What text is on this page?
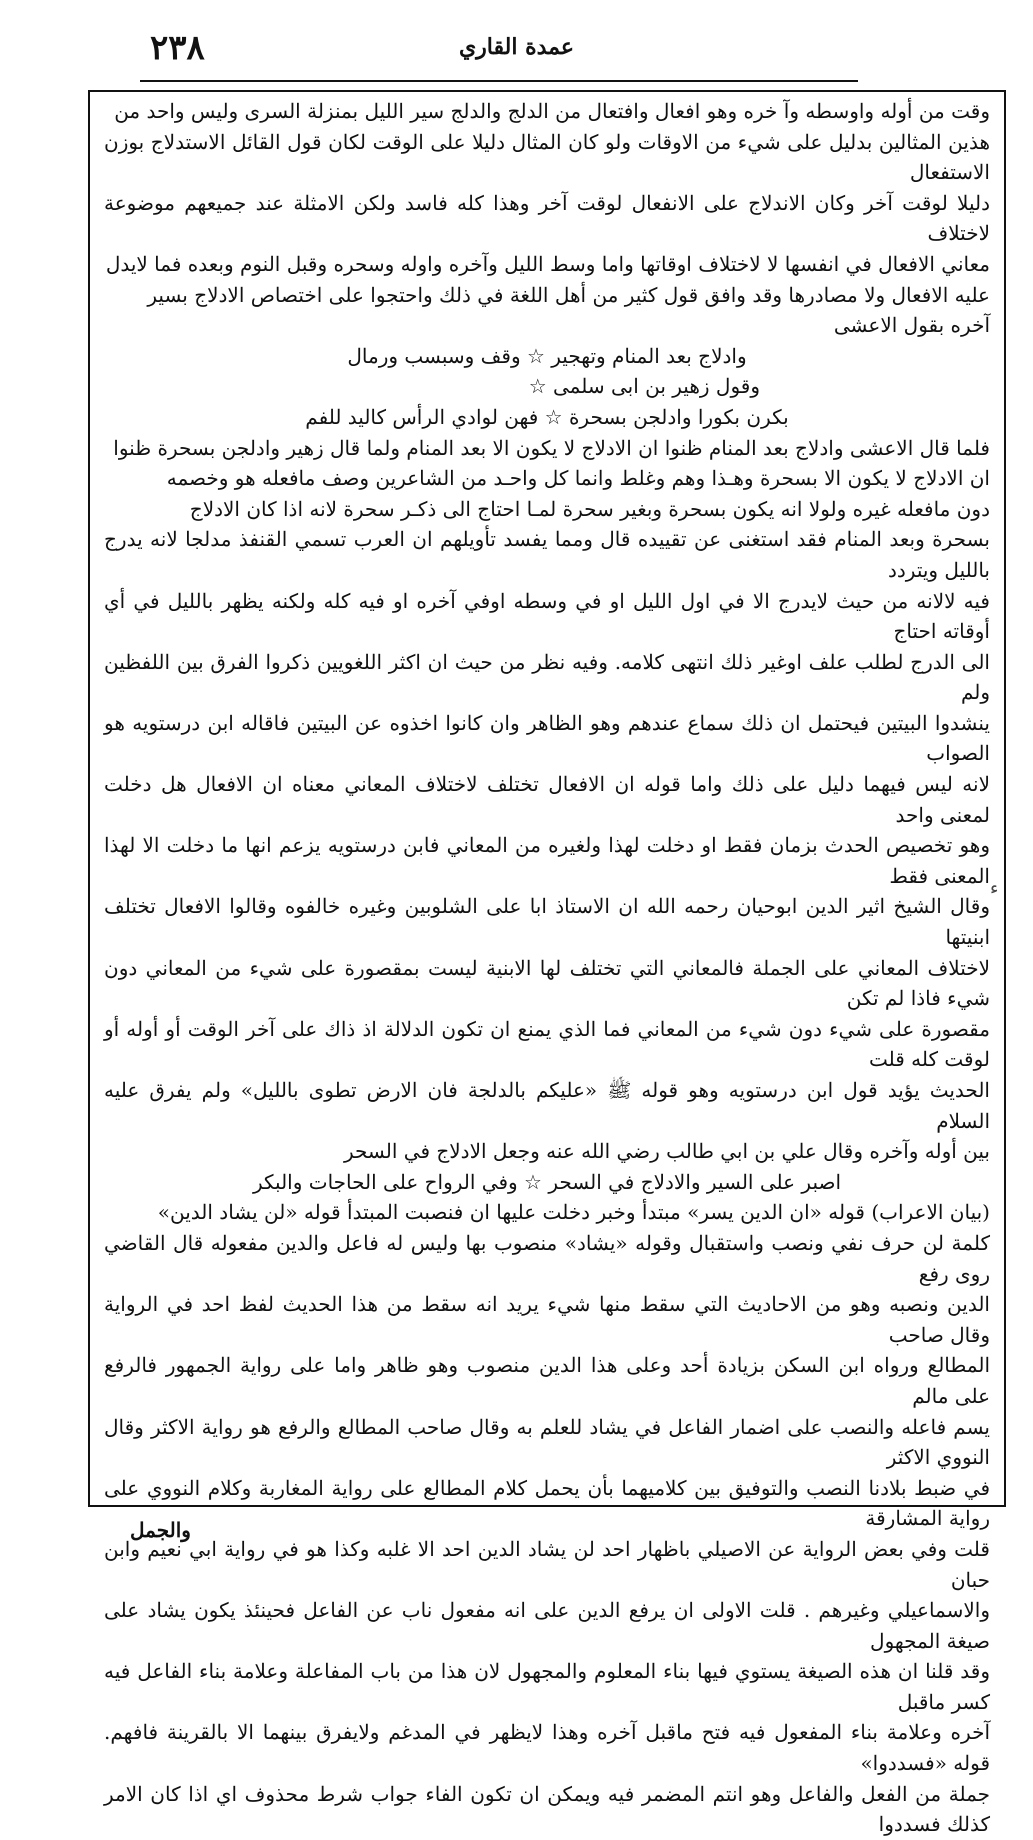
٢٣٨	عمدة القاري
ﺀ
وقت من أوله واوسطه وآ خره وهو افعال وافتعال من الدلج والدلج سير الليل بمنزلة السرى وليس واحد من
هذين المثالين بدليل على شيء من الاوقات ولو كان المثال دليلا على الوقت لكان قول القائل الاستدلاج بوزن الاستفعال
دليلا لوقت آخر وكان الاندلاج على الانفعال لوقت آخر وهذا كله فاسد ولكن الامثلة عند جميعهم موضوعة لاختلاف
معاني الافعال في انفسها لا لاختلاف اوقاتها واما وسط الليل وآخره واوله وسحره وقبل النوم وبعده فما لايدل
عليه الافعال ولا مصادرها وقد وافق قول كثير من أهل اللغة في ذلك واحتجوا على اختصاص الادلاج بسير
آخره بقول الاعشى
وادلاج بعد المنام وتهجير ☆ وقف وسبسب ورمال
وقول زهير بن ابى سلمى ☆
بكرن بكورا وادلجن بسحرة ☆ فهن لوادي الرأس كاليد للفم
فلما قال الاعشى وادلاج بعد المنام ظنوا ان الادلاج لا يكون الا بعد المنام ولما قال زهير وادلجن بسحرة ظنوا
ان الادلاج لا يكون الا بسحرة وهـذا وهم وغلط وانما كل واحـد من الشاعرين وصف مافعله هو وخصمه
دون مافعله غيره ولولا انه يكون بسحرة وبغير سحرة لمـا احتاج الى ذكـر سحرة لانه اذا كان الادلاج
بسحرة وبعد المنام فقد استغنى عن تقييده قال ومما يفسد تأويلهم ان العرب تسمي القنفذ مدلجا لانه يدرج بالليل ويتردد
فيه لالانه من حيث لايدرج الا في اول الليل او في وسطه اوفي آخره او فيه كله ولكنه يظهر بالليل في أي أوقاته احتاج
الى الدرج لطلب علف اوغير ذلك انتهى كلامه. وفيه نظر من حيث ان اكثر اللغويين ذكروا الفرق بين اللفظين ولم
ينشدوا البيتين فيحتمل ان ذلك سماع عندهم وهو الظاهر وان كانوا اخذوه عن البيتين فاقاله ابن درستويه هو الصواب
لانه ليس فيهما دليل على ذلك واما قوله ان الافعال تختلف لاختلاف المعاني معناه ان الافعال هل دخلت لمعنى واحد
وهو تخصيص الحدث بزمان فقط او دخلت لهذا ولغيره من المعاني فابن درستويه يزعم انها ما دخلت الا لهذا المعنى فقط
وقال الشيخ اثير الدين ابوحيان رحمه الله ان الاستاذ ابا على الشلوبين وغيره خالفوه وقالوا الافعال تختلف ابنيتها
لاختلاف المعاني على الجملة فالمعاني التي تختلف لها الابنية ليست بمقصورة على شيء من المعاني دون شيء فاذا لم تكن
مقصورة على شيء دون شيء من المعاني فما الذي يمنع ان تكون الدلالة اذ ذاك على آخر الوقت أو أوله أو لوقت كله قلت
الحديث يؤيد قول ابن درستويه وهو قوله ﷺ «عليكم بالدلجة فان الارض تطوى بالليل» ولم يفرق عليه السلام
بين أوله وآخره وقال علي بن ابي طالب رضي الله عنه وجعل الادلاج في السحر
اصبر على السير والادلاج في السحر ☆ وفي الرواح على الحاجات والبكر
(بيان الاعراب) قوله «ان الدين يسر» مبتدأ وخبر دخلت عليها ان فنصبت المبتدأ قوله «لن يشاد الدين»
كلمة لن حرف نفي ونصب واستقبال وقوله «يشاد» منصوب بها وليس له فاعل والدين مفعوله قال القاضي روى رفع
الدين ونصبه وهو من الاحاديث التي سقط منها شيء يريد انه سقط من هذا الحديث لفظ احد في الرواية وقال صاحب
المطالع ورواه ابن السكن بزيادة أحد وعلى هذا الدين منصوب وهو ظاهر واما على رواية الجمهور فالرفع على مالم
يسم فاعله والنصب على اضمار الفاعل في يشاد للعلم به وقال صاحب المطالع والرفع هو رواية الاكثر وقال النووي الاكثر
في ضبط بلادنا النصب والتوفيق بين كلاميهما بأن يحمل كلام المطالع على رواية المغاربة وكلام النووي على رواية المشارقة
قلت وفي بعض الرواية عن الاصيلي باظهار احد لن يشاد الدين احد الا غلبه وكذا هو في رواية ابي نعيم وابن حبان
والاسماعيلي وغيرهم . قلت الاولى ان يرفع الدين على انه مفعول ناب عن الفاعل فحينئذ يكون يشاد على صيغة المجهول
وقد قلنا ان هذه الصيغة يستوي فيها بناء المعلوم والمجهول لان هذا من باب المفاعلة وعلامة بناء الفاعل فيه كسر ماقبل
آخره وعلامة بناء المفعول فيه فتح ماقبل آخره وهذا لايظهر في المدغم ولايفرق بينهما الا بالقرينة فافهم. قوله «فسددوا»
جملة من الفعل والفاعل وهو انتم المضمر فيه ويمكن ان تكون الفاء جواب شرط محذوف اي اذا كان الامر كذلك فسددوا
والجمل
